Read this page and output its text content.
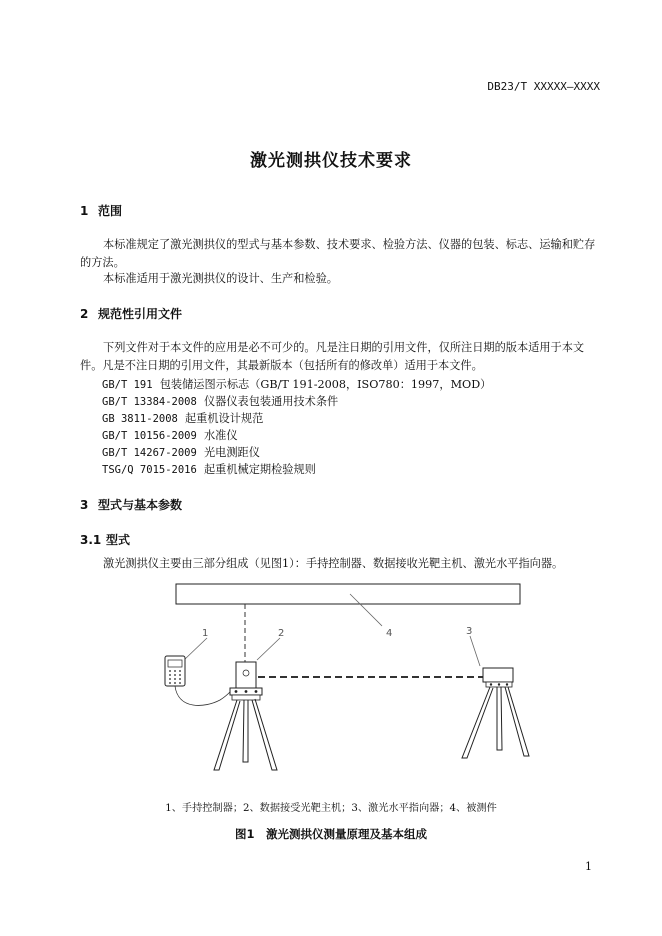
DB23/T XXXXX—XXXX
激光测拱仪技术要求
1 范围
本标准规定了激光测拱仪的型式与基本参数、技术要求、检验方法、仪器的包装、标志、运输和贮存的方法。
本标准适用于激光测拱仪的设计、生产和检验。
2 规范性引用文件
下列文件对于本文件的应用是必不可少的。凡是注日期的引用文件，仅所注日期的版本适用于本文件。凡是不注日期的引用文件，其最新版本（包括所有的修改单）适用于本文件。
GB/T 191 包装储运图示标志（GB/T 191-2008，ISO780：1997，MOD）
GB/T 13384-2008 仪器仪表包装通用技术条件
GB 3811-2008 起重机设计规范
GB/T 10156-2009 水准仪
GB/T 14267-2009 光电测距仪
TSG/Q 7015-2016 起重机械定期检验规则
3 型式与基本参数
3.1 型式
激光测拱仪主要由三部分组成（见图1）：手持控制器、数据接收光靶主机、激光水平指向器。
1	2	3
4
1、手持控制器；2、数据接受光靶主机；3、激光水平指向器；4、被测件
图1　激光测拱仪测量原理及基本组成
1
